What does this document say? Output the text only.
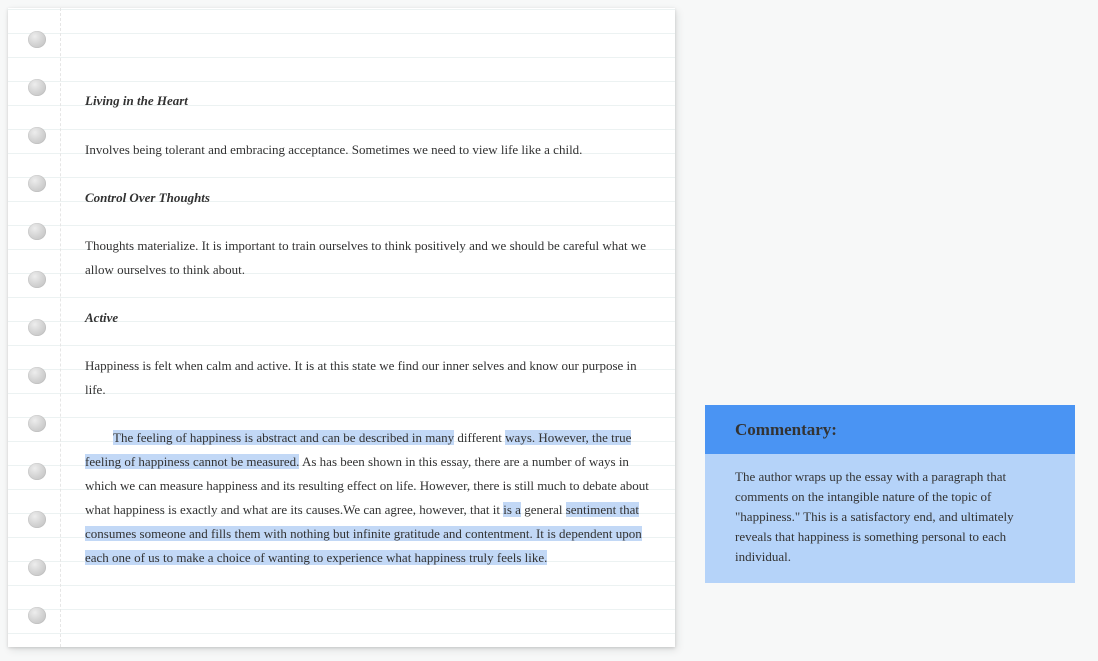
Living in the Heart

Involves being tolerant and embracing acceptance. Sometimes we need to view life like a child.

Control Over Thoughts

Thoughts materialize. It is important to train ourselves to think positively and we should be careful what we allow ourselves to think about.

Active

Happiness is felt when calm and active. It is at this state we find our inner selves and know our purpose in life.

The feeling of happiness is abstract and can be described in many different ways. However, the true feeling of happiness cannot be measured. As has been shown in this essay, there are a number of ways in which we can measure happiness and its resulting effect on life. However, there is still much to debate about what happiness is exactly and what are its causes.We can agree, however, that it is a general sentiment that consumes someone and fills them with nothing but infinite gratitude and contentment. It is dependent upon each one of us to make a choice of wanting to experience what happiness truly feels like.

Commentary:
The author wraps up the essay with a paragraph that comments on the intangible nature of the topic of "happiness." This is a satisfactory end, and ultimately reveals that happiness is something personal to each individual.
